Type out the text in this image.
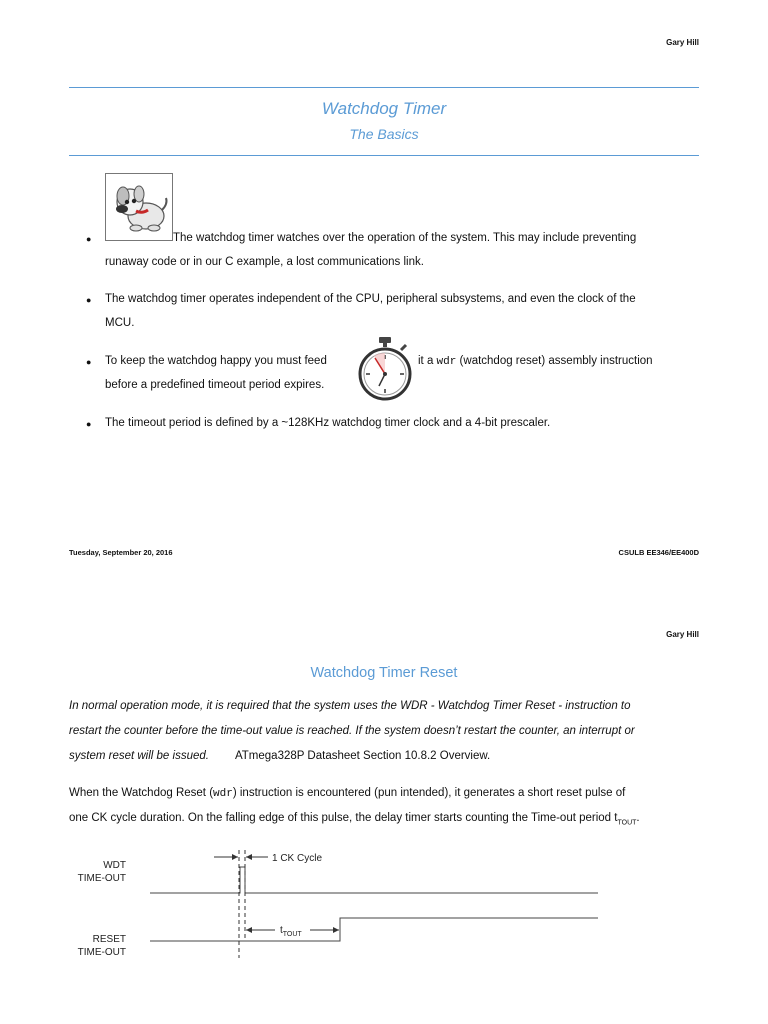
Gary Hill
Watchdog Timer
The Basics
●	The watchdog timer watches over the operation of the system. This may include preventing
runaway code or in our C example, a lost communications link.
● The watchdog timer operates independent of the CPU, peripheral subsystems, and even the clock of the
MCU.
● To keep the watchdog happy you must feed	it a wdr (watchdog reset) assembly instruction
before a predefined timeout period expires.
● The timeout period is defined by a ~128KHz watchdog timer clock and a 4-bit prescaler.
Tuesday, September 20, 2016	CSULB EE346/EE400D
Gary Hill
Watchdog Timer Reset
In normal operation mode, it is required that the system uses the WDR - Watchdog Timer Reset - instruction to
restart the counter before the time-out value is reached. If the system doesn’t restart the counter, an interrupt or
system reset will be issued. ATmega328P Datasheet Section 10.8.2 Overview.
When the Watchdog Reset (wdr) instruction is encountered (pun intended), it generates a short reset pulse of
one CK cycle duration. On the falling edge of this pulse, the delay timer starts counting the Time-out period $t_{TOUT}$.
WDT
TIME-OUT
RESET
TIME-OUT
1 CK Cycle
$t_{TOUT}$
